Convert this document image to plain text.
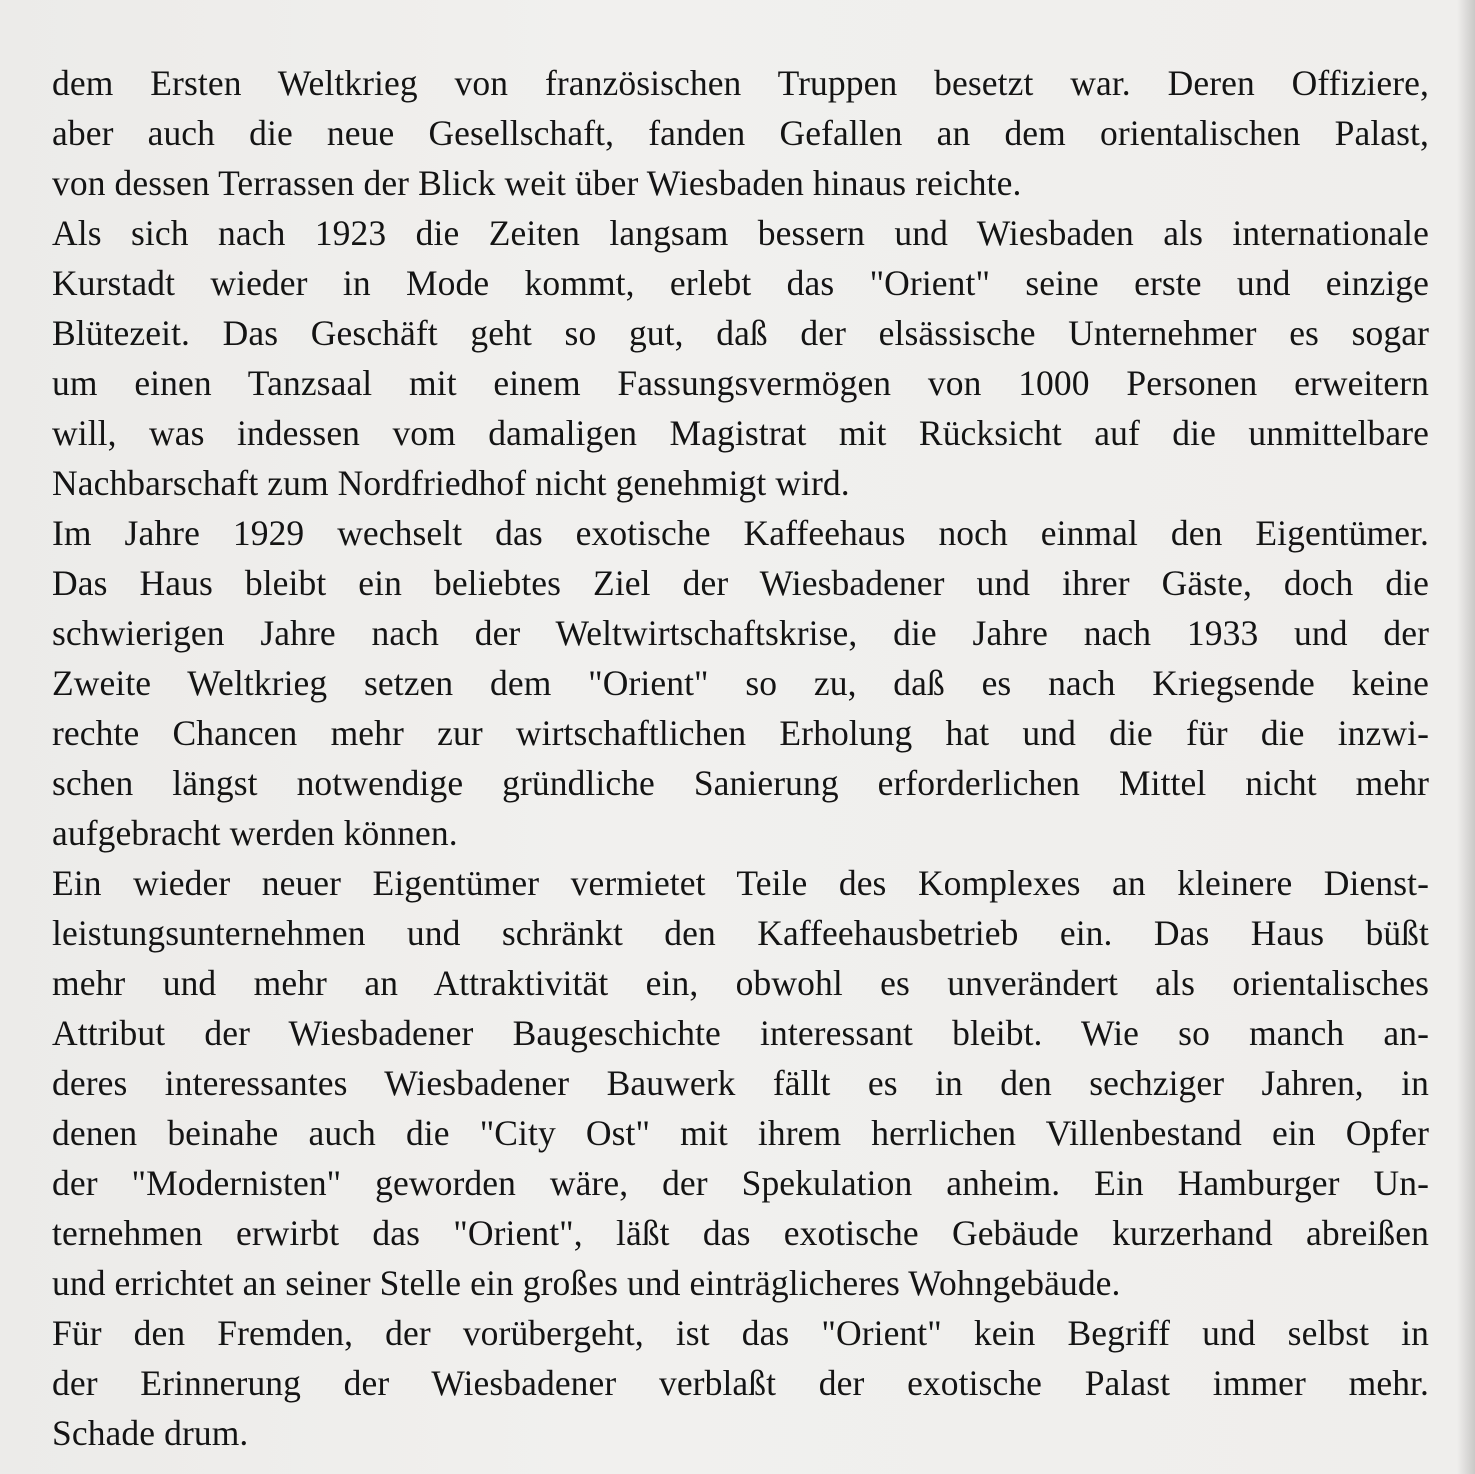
dem Ersten Weltkrieg von französischen Truppen besetzt war. Deren Offiziere,
aber auch die neue Gesellschaft, fanden Gefallen an dem orientalischen Palast,
von dessen Terrassen der Blick weit über Wiesbaden hinaus reichte.
Als sich nach 1923 die Zeiten langsam bessern und Wiesbaden als internationale
Kurstadt wieder in Mode kommt, erlebt das "Orient" seine erste und einzige
Blütezeit. Das Geschäft geht so gut, daß der elsässische Unternehmer es sogar
um einen Tanzsaal mit einem Fassungsvermögen von 1000 Personen erweitern
will, was indessen vom damaligen Magistrat mit Rücksicht auf die unmittelbare
Nachbarschaft zum Nordfriedhof nicht genehmigt wird.
Im Jahre 1929 wechselt das exotische Kaffeehaus noch einmal den Eigentümer.
Das Haus bleibt ein beliebtes Ziel der Wiesbadener und ihrer Gäste, doch die
schwierigen Jahre nach der Weltwirtschaftskrise, die Jahre nach 1933 und der
Zweite Weltkrieg setzen dem "Orient" so zu, daß es nach Kriegsende keine
rechte Chancen mehr zur wirtschaftlichen Erholung hat und die für die inzwi-
schen längst notwendige gründliche Sanierung erforderlichen Mittel nicht mehr
aufgebracht werden können.
Ein wieder neuer Eigentümer vermietet Teile des Komplexes an kleinere Dienst-
leistungsunternehmen und schränkt den Kaffeehausbetrieb ein. Das Haus büßt
mehr und mehr an Attraktivität ein, obwohl es unverändert als orientalisches
Attribut der Wiesbadener Baugeschichte interessant bleibt. Wie so manch an-
deres interessantes Wiesbadener Bauwerk fällt es in den sechziger Jahren, in
denen beinahe auch die "City Ost" mit ihrem herrlichen Villenbestand ein Opfer
der "Modernisten" geworden wäre, der Spekulation anheim. Ein Hamburger Un-
ternehmen erwirbt das "Orient", läßt das exotische Gebäude kurzerhand abreißen
und errichtet an seiner Stelle ein großes und einträglicheres Wohngebäude.
Für den Fremden, der vorübergeht, ist das "Orient" kein Begriff und selbst in
der Erinnerung der Wiesbadener verblaßt der exotische Palast immer mehr.
Schade drum.
